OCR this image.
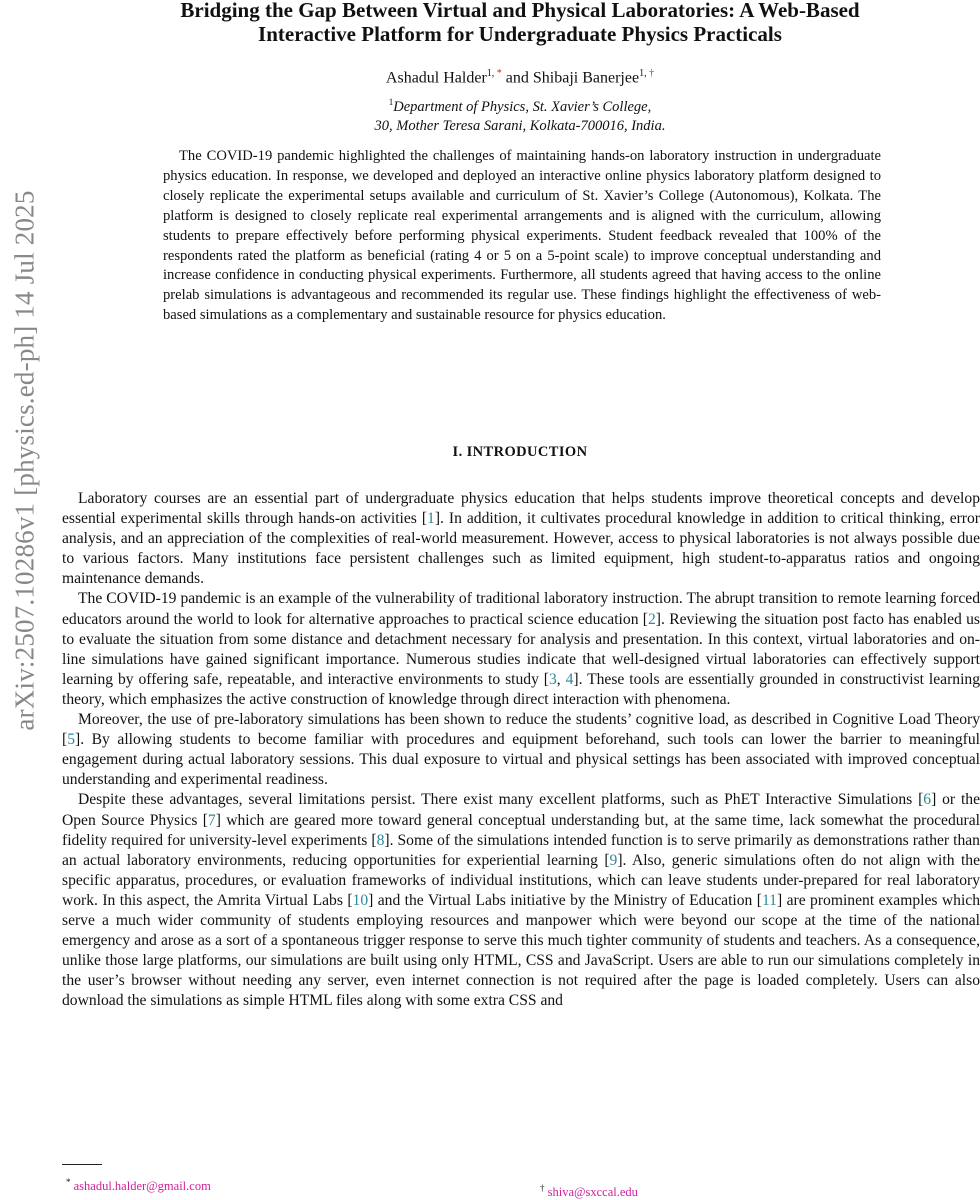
arXiv:2507.10286v1 [physics.ed-ph] 14 Jul 2025
Bridging the Gap Between Virtual and Physical Laboratories: A Web-Based
Interactive Platform for Undergraduate Physics Practicals
Ashadul Halder$^{1, *}$ and Shibaji Banerjee$^{1, \dagger}$
$^1$Department of Physics, St. Xavier’s College,
30, Mother Teresa Sarani, Kolkata-700016, India.

The COVID-19 pandemic highlighted the challenges of maintaining hands-on laboratory instruction in undergraduate physics education. In response, we developed and deployed an interactive online physics laboratory platform designed to closely replicate the experimental setups available and curriculum of St. Xavier’s College (Autonomous), Kolkata. The platform is designed to closely replicate real experimental arrangements and is aligned with the curriculum, allowing students to prepare effectively before performing physical experiments. Student feedback revealed that 100% of the respondents rated the platform as beneficial (rating 4 or 5 on a 5-point scale) to improve conceptual understanding and increase confidence in conducting physical experiments. Furthermore, all students agreed that having access to the online prelab simulations is advantageous and recommended its regular use. These findings highlight the effectiveness of web-based simulations as a complementary and sustainable resource for physics education.

I. INTRODUCTION

Laboratory courses are an essential part of undergraduate physics education that helps students improve theoretical concepts and develop essential experimental skills through hands-on activities [1]. In addition, it cultivates procedural knowledge in addition to critical thinking, error analysis, and an appreciation of the complexities of real-world measurement. However, access to physical laboratories is not always possible due to various factors. Many institutions face persistent challenges such as limited equipment, high student-to-apparatus ratios and ongoing maintenance demands.

The COVID-19 pandemic is an example of the vulnerability of traditional laboratory instruction. The abrupt transition to remote learning forced educators around the world to look for alternative approaches to practical science education [2]. Reviewing the situation post facto has enabled us to evaluate the situation from some distance and detachment necessary for analysis and presentation. In this context, virtual laboratories and on-line simulations have gained significant importance. Numerous studies indicate that well-designed virtual laboratories can effectively support learning by offering safe, repeatable, and interactive environments to study [3, 4]. These tools are essentially grounded in constructivist learning theory, which emphasizes the active construction of knowledge through direct interaction with phenomena.

Moreover, the use of pre-laboratory simulations has been shown to reduce the students’ cognitive load, as described in Cognitive Load Theory [5]. By allowing students to become familiar with procedures and equipment beforehand, such tools can lower the barrier to meaningful engagement during actual laboratory sessions. This dual exposure to virtual and physical settings has been associated with improved conceptual understanding and experimental readiness.

Despite these advantages, several limitations persist. There exist many excellent platforms, such as PhET Interactive Simulations [6] or the Open Source Physics [7] which are geared more toward general conceptual understanding but, at the same time, lack somewhat the procedural fidelity required for university-level experiments [8]. Some of the simulations intended function is to serve primarily as demonstrations rather than an actual laboratory environments, reducing opportunities for experiential learning [9]. Also, generic simulations often do not align with the specific apparatus, procedures, or evaluation frameworks of individual institutions, which can leave students under-prepared for real laboratory work. In this aspect, the Amrita Virtual Labs [10] and the Virtual Labs initiative by the Ministry of Education [11] are prominent examples which serve a much wider community of students employing resources and manpower which were beyond our scope at the time of the national emergency and arose as a sort of a spontaneous trigger response to serve this much tighter community of students and teachers. As a consequence, unlike those large platforms, our simulations are built using only HTML, CSS and JavaScript. Users are able to run our simulations completely in the user’s browser without needing any server, even internet connection is not required after the page is loaded completely. Users can also download the simulations as simple HTML files along with some extra CSS and

* ashadul.halder@gmail.com	† shiva@sxccal.edu
